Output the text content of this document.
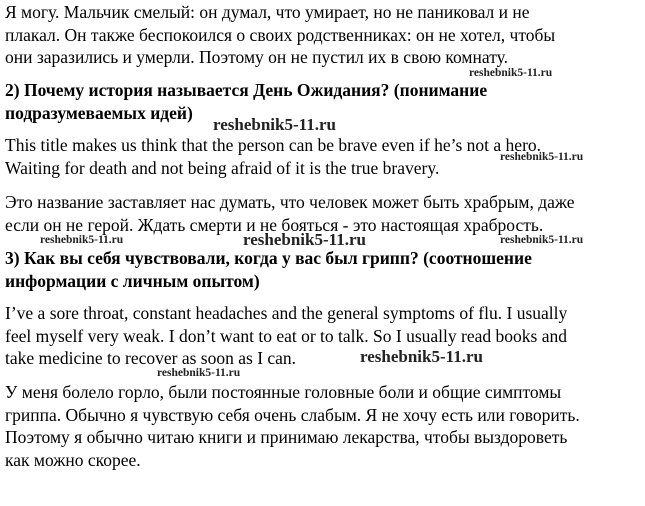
Я могу. Мальчик смелый: он думал, что умирает, но не паниковал и не
плакал. Он также беспокоился о своих родственниках: он не хотел, чтобы
они заразились и умерли. Поэтому он не пустил их в свою комнату.
reshebnik5-11.ru
2) Почему история называется День Ожидания? (понимание
подразумеваемых идей)
reshebnik5-11.ru
This title makes us think that the person can be brave even if he’s not a hero.
Waiting for death and not being afraid of it is the true bravery.
reshebnik5-11.ru
Это название заставляет нас думать, что человек может быть храбрым, даже
если он не герой. Ждать смерти и не бояться - это настоящая храбрость.
reshebnik5-11.ru	reshebnik5-11.ru	reshebnik5-11.ru
3) Как вы себя чувствовали, когда у вас был грипп? (соотношение
информации с личным опытом)
I’ve a sore throat, constant headaches and the general symptoms of flu. I usually
feel myself very weak. I don’t want to eat or to talk. So I usually read books and
take medicine to recover as soon as I can.	reshebnik5-11.ru
reshebnik5-11.ru
У меня болело горло, были постоянные головные боли и общие симптомы
гриппа. Обычно я чувствую себя очень слабым. Я не хочу есть или говорить.
Поэтому я обычно читаю книги и принимаю лекарства, чтобы выздороветь
как можно скорее.
